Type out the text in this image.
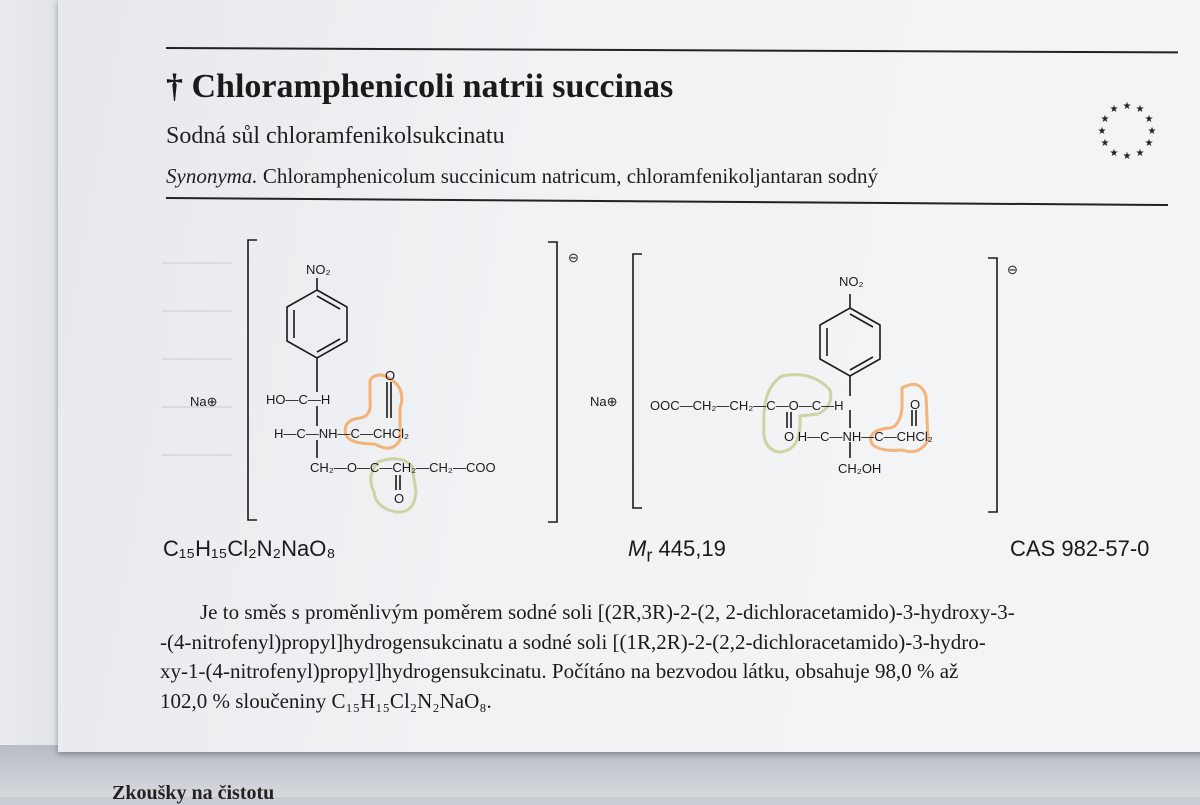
Zkoušky na čistotu
† Chloramphenicoli natrii succinas
Sodná sůl chloramfenikolsukcinatu
★ ★
★
★
★
★
★
★
★
★
★
★
Synonyma. Chloramphenicolum succinicum natricum, chloramfenikoljantaran sodný
NO₂
Na⊕
⊖
HO—C—H
H—C—NH—C—CHCl₂
CH₂—O—C—CH₂—CH₂—COO
O
O
NO₂
Na⊕
⊖
OOC—CH₂—CH₂—C—O—C—H
O H—C—NH—C—CHCl₂
O
CH₂OH
C₁₅H₁₅Cl₂N₂NaO₈	$M_r$ 445,19	CAS 982-57-0
Je to směs s proměnlivým poměrem sodné soli [(2R,3R)-2-(2, 2-dichloracetamido)-3-hydroxy-3-
-(4-nitrofenyl)propyl]hydrogensukcinatu a sodné soli [(1R,2R)-2-(2,2-dichloracetamido)-3-hydro-
xy-1-(4-nitrofenyl)propyl]hydrogensukcinatu. Počítáno na bezvodou látku, obsahuje 98,0 % až
102,0 % sloučeniny C₁₅H₁₅Cl₂N₂NaO₈.
